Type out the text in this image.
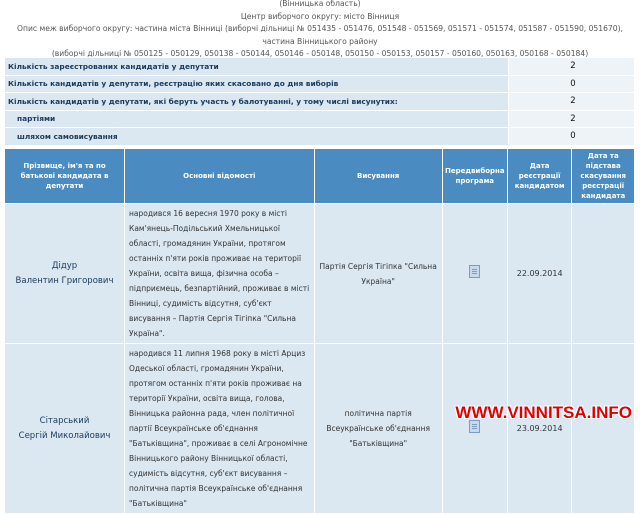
(Вінницька область)
Центр виборчого округу: місто Вінниця
Опис меж виборчого округу: частина міста Вінниці (виборчі дільниці № 051435 - 051476, 051548 - 051569, 051571 - 051574, 051587 - 051590, 051670), частина Вінницького району
(виборчі дільниці № 050125 - 050129, 050138 - 050144, 050146 - 050148, 050150 - 050153, 050157 - 050160, 050163, 050168 - 050184)
Кількість зареєстрованих кандидатів у депутати	2
Кількість кандидатів у депутати, реєстрацію яких скасовано до дня виборів	0
Кількість кандидатів у депутати, які беруть участь у балотуванні, у тому числі висунутих:	2
партіями	2
шляхом самовисування	0
Прізвище, ім'я та по батькові кандидата в депутати	Основні відомості	Висування	Передвиборна програма	Дата реєстрації кандидатом	Дата та підстава скасування реєстрації кандидата

Дідур
Валентин Григорович	народився 16 вересня 1970 року в місті Кам'янець-Подільський Хмельницької області, громадянин України, протягом останніх п'яти років проживає на території України, освіта вища, фізична особа – підприємець, безпартійний, проживає в місті Вінниці, судимість відсутня, суб'єкт висування – Партія Сергія Тігіпка "Сильна Україна".	Партія Сергія Тігіпка "Сильна Україна"		22.09.2014	

Сітарський
Сергій Миколайович	народився 11 липня 1968 року в місті Арциз Одеської області, громадянин України, протягом останніх п'яти років проживає на території України, освіта вища, голова, Вінницька районна рада, член політичної партії Всеукраїнське об'єднання "Батьківщина", проживає в селі Агрономічне Вінницького району Вінницької області, судимість відсутня, суб'єкт висування – політична партія Всеукраїнське об'єднання "Батьківщина"	політична партія Всеукраїнське об'єднання "Батьківщина"		23.09.2014	
WWW.VINNITSA.INFO
